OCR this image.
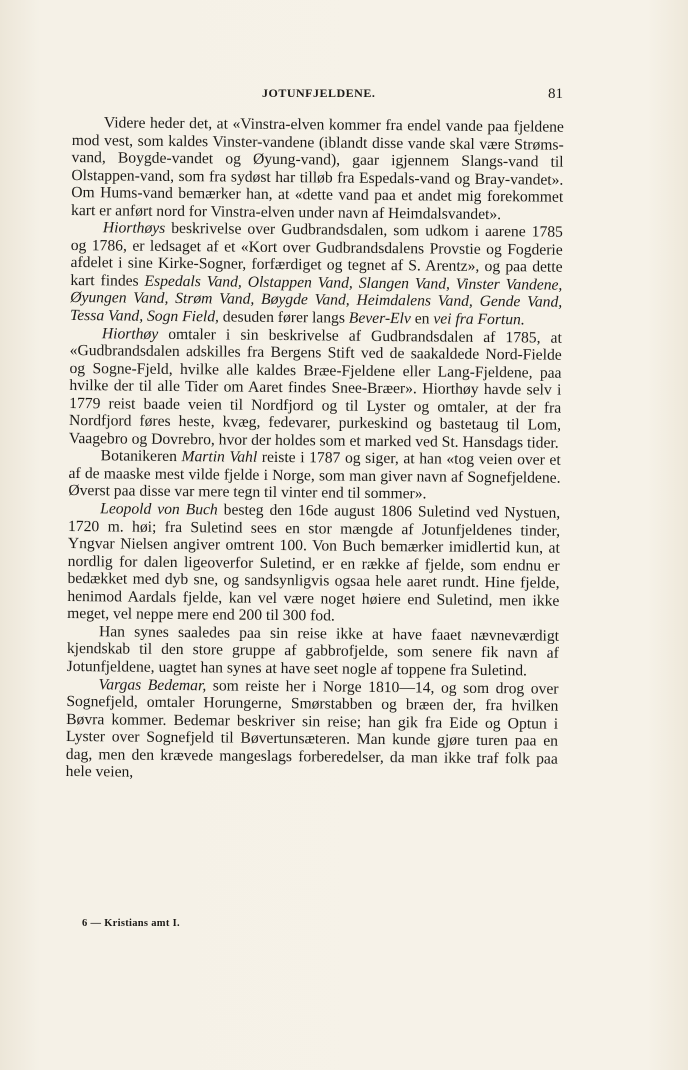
JOTUNFJELDENE.	81

Videre heder det, at «Vinstra-elven kommer fra endel vande paa fjeldene mod vest, som kaldes Vinster-vandene (iblandt disse vande skal være Strøms-vand, Boygde-vandet og Øyung-vand), gaar igjennem Slangs-vand til Olstappen-vand, som fra sydøst har tilløb fra Espedals-vand og Bray-vandet». Om Hums-vand bemærker han, at «dette vand paa et andet mig forekommet kart er anført nord for Vinstra-elven under navn af Heimdalsvandet».

Hiorthøys beskrivelse over Gudbrandsdalen, som udkom i aarene 1785 og 1786, er ledsaget af et «Kort over Gudbrandsdalens Provstie og Fogderie afdelet i sine Kirke-Sogner, forfærdiget og tegnet af S. Arentz», og paa dette kart findes Espedals Vand, Olstappen Vand, Slangen Vand, Vinster Vandene, Øyungen Vand, Strøm Vand, Bøygde Vand, Heimdalens Vand, Gende Vand, Tessa Vand, Sogn Field, desuden fører langs Bever-Elv en vei fra Fortun.

Hiorthøy omtaler i sin beskrivelse af Gudbrandsdalen af 1785, at «Gudbrandsdalen adskilles fra Bergens Stift ved de saakaldede Nord-Fielde og Sogne-Fjeld, hvilke alle kaldes Bræe-Fjeldene eller Lang-Fjeldene, paa hvilke der til alle Tider om Aaret findes Snee-Bræer». Hiorthøy havde selv i 1779 reist baade veien til Nordfjord og til Lyster og omtaler, at der fra Nordfjord føres heste, kvæg, fedevarer, purkeskind og bastetaug til Lom, Vaagebro og Dovrebro, hvor der holdes som et marked ved St. Hansdags tider.

Botanikeren Martin Vahl reiste i 1787 og siger, at han «tog veien over et af de maaske mest vilde fjelde i Norge, som man giver navn af Sognefjeldene. Øverst paa disse var mere tegn til vinter end til sommer».

Leopold von Buch besteg den 16de august 1806 Suletind ved Nystuen, 1720 m. høi; fra Suletind sees en stor mængde af Jotunfjeldenes tinder, Yngvar Nielsen angiver omtrent 100. Von Buch bemærker imidlertid kun, at nordlig for dalen ligeoverfor Suletind, er en række af fjelde, som endnu er bedækket med dyb sne, og sandsynligvis ogsaa hele aaret rundt. Hine fjelde, henimod Aardals fjelde, kan vel være noget høiere end Suletind, men ikke meget, vel neppe mere end 200 til 300 fod.

Han synes saaledes paa sin reise ikke at have faaet nævneværdigt kjendskab til den store gruppe af gabbrofjelde, som senere fik navn af Jotunfjeldene, uagtet han synes at have seet nogle af toppene fra Suletind.

Vargas Bedemar, som reiste her i Norge 1810—14, og som drog over Sognefjeld, omtaler Horungerne, Smørstabben og bræen der, fra hvilken Bøvra kommer. Bedemar beskriver sin reise; han gik fra Eide og Optun i Lyster over Sognefjeld til Bøvertunsæteren. Man kunde gjøre turen paa en dag, men den krævede mangeslags forberedelser, da man ikke traf folk paa hele veien,

6 — Kristians amt I.
